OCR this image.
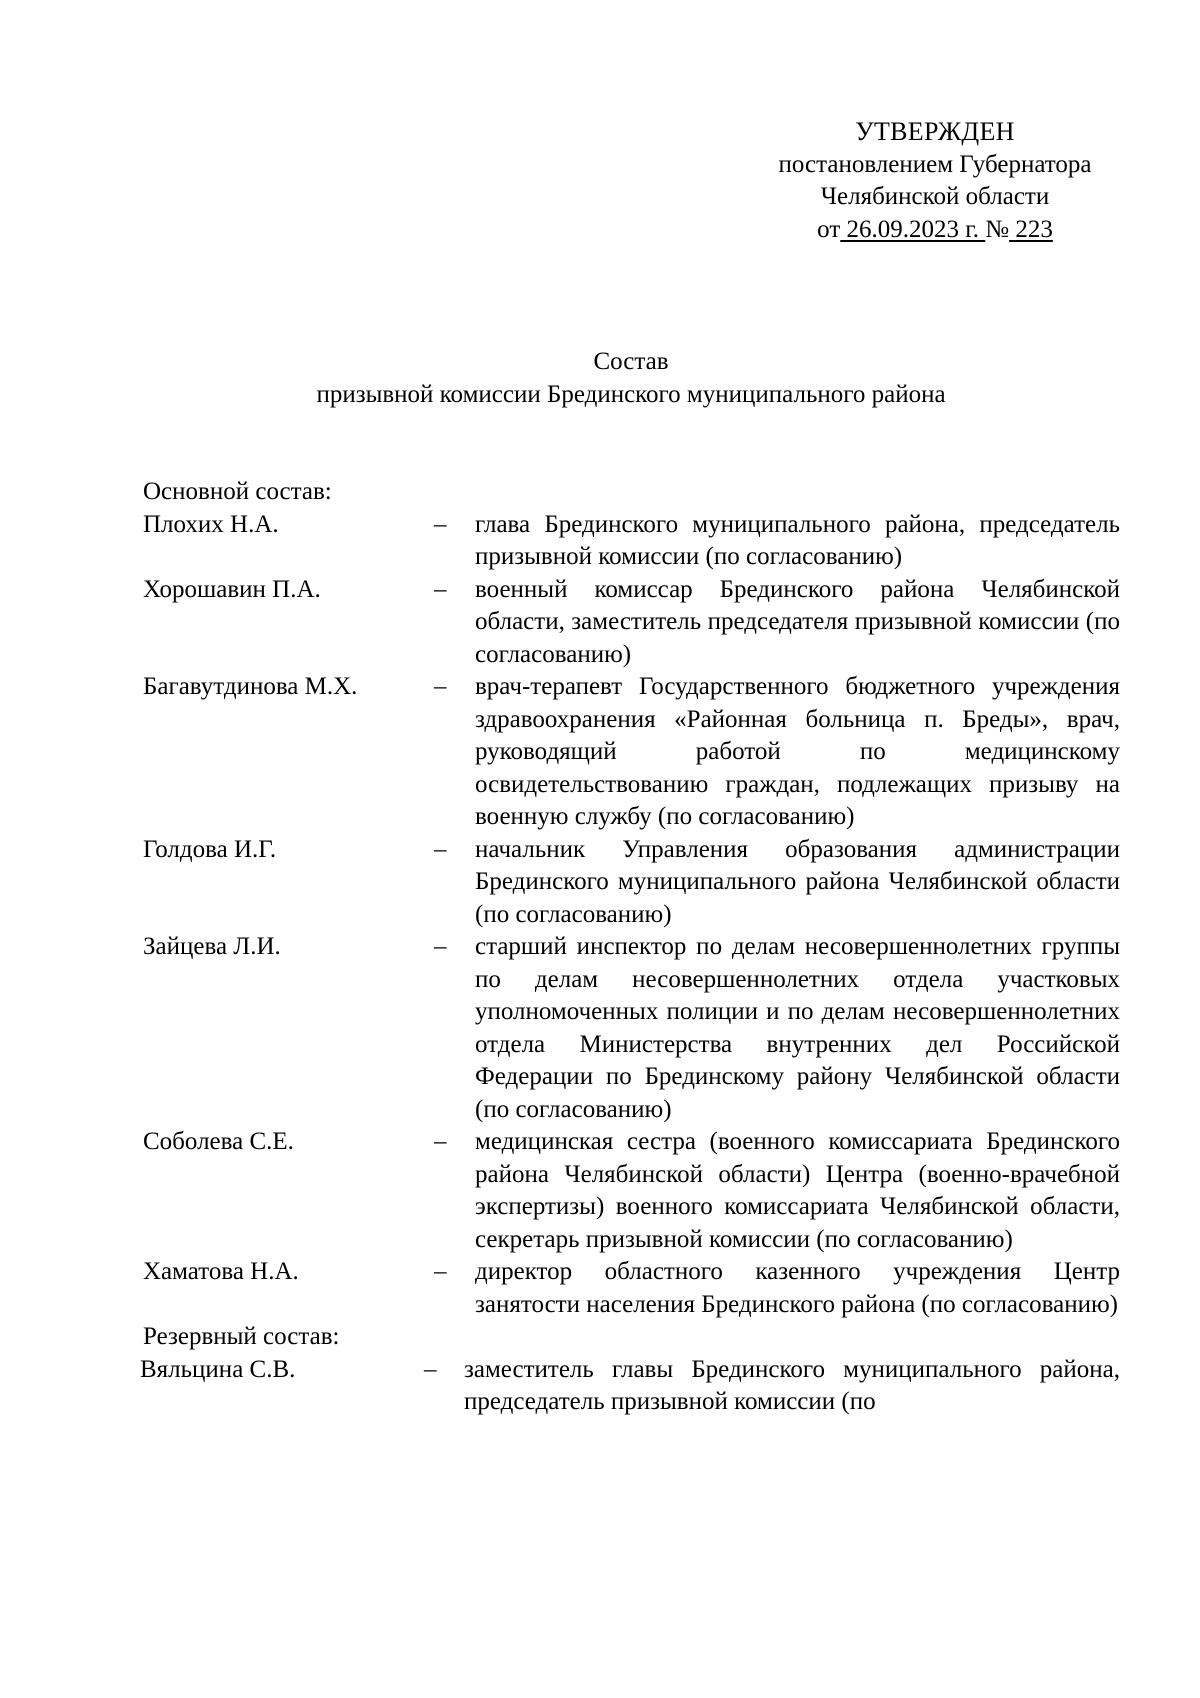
УТВЕРЖДЕН
постановлением Губернатора
Челябинской области
от 26.09.2023 г. № 223
Состав
призывной комиссии Брединского муниципального района
Основной состав:
Плохих Н.А.	– глава Брединского муниципального района, председатель призывной комиссии (по согласованию)
Хорошавин П.А.	– военный комиссар Брединского района Челябинской области, заместитель председателя призывной комиссии (по согласованию)
Багавутдинова М.Х.	– врач-терапевт Государственного бюджетного учреждения здравоохранения «Районная больница п. Бреды», врач, руководящий работой по медицинскому освидетельствованию граждан, подлежащих призыву на военную службу (по согласованию)
Голдова И.Г.	– начальник Управления образования администрации Брединского муниципального района Челябинской области (по согласованию)
Зайцева Л.И.	– старший инспектор по делам несовершеннолетних группы по делам несовершеннолетних отдела участковых уполномоченных полиции и по делам несовершеннолетних отдела Министерства внутренних дел Российской Федерации по Брединскому району Челябинской области (по согласованию)
Соболева С.Е.	– медицинская сестра (военного комиссариата Брединского района Челябинской области) Центра (военно-врачебной экспертизы) военного комиссариата Челябинской области, секретарь призывной комиссии (по согласованию)
Хаматова Н.А.	– директор областного казенного учреждения Центр занятости населения Брединского района (по согласованию)
Резервный состав:
Вяльцина С.В.	– заместитель главы Брединского муниципального района, председатель призывной комиссии (по
